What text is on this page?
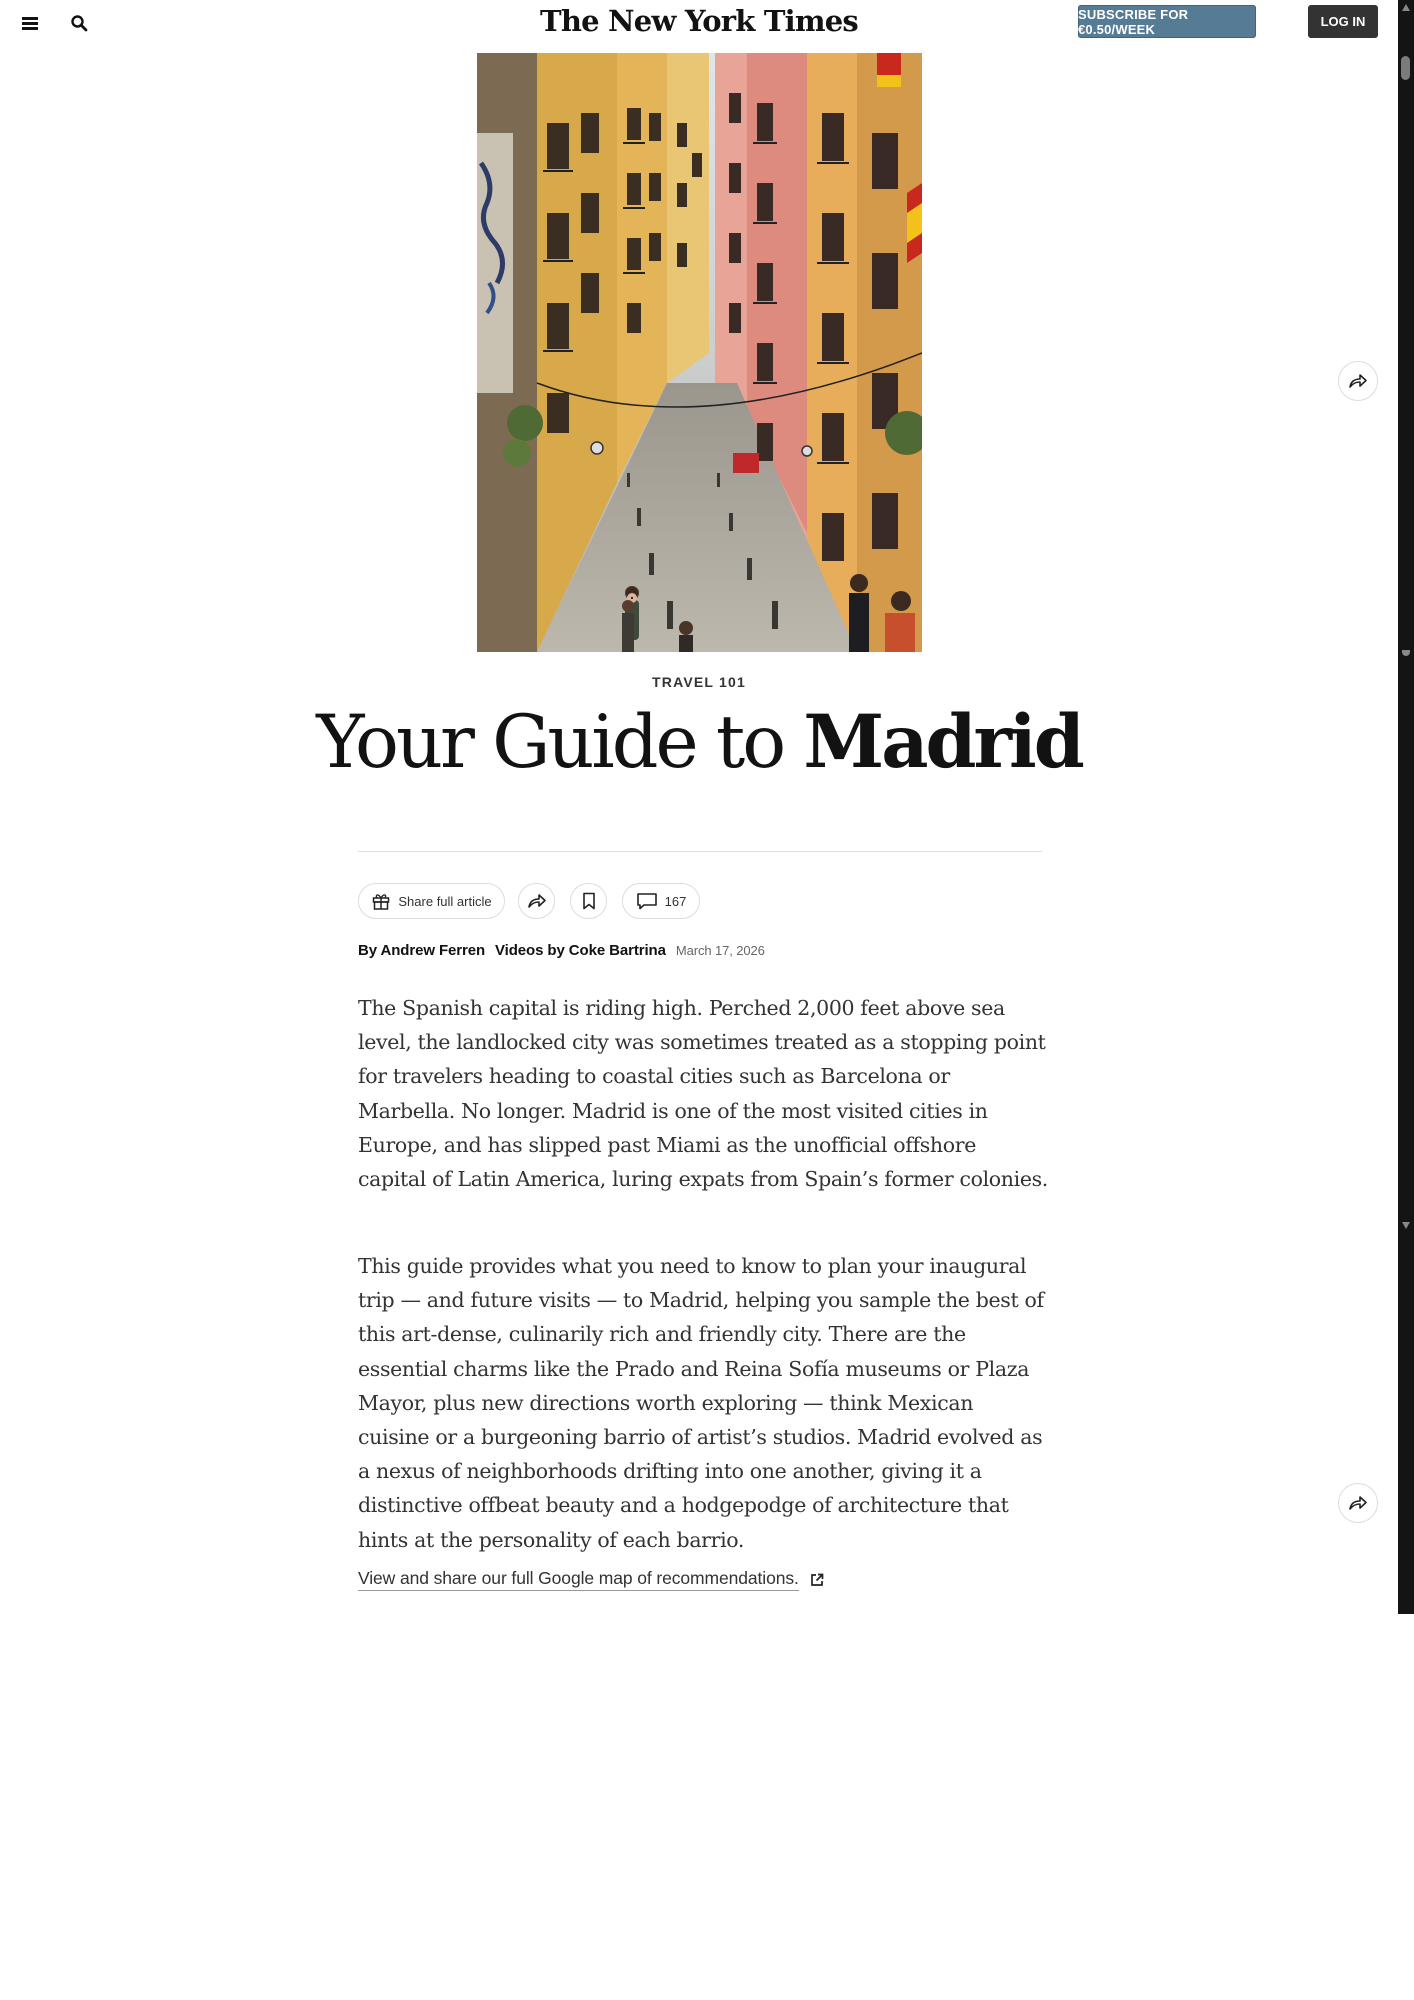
The New York Times	SUBSCRIBE FOR €0.50/WEEK	LOG IN
TRAVEL 101
Your Guide to Madrid
Share full article	167
By Andrew Ferren Videos by Coke Bartrina March 17, 2026

The Spanish capital is riding high. Perched 2,000 feet above sea level, the landlocked city was sometimes treated as a stopping point for travelers heading to coastal cities such as Barcelona or Marbella. No longer. Madrid is one of the most visited cities in Europe, and has slipped past Miami as the unofficial offshore capital of Latin America, luring expats from Spain’s former colonies.

This guide provides what you need to know to plan your inaugural trip — and future visits — to Madrid, helping you sample the best of this art-dense, culinarily rich and friendly city. There are the essential charms like the Prado and Reina Sofía museums or Plaza Mayor, plus new directions worth exploring — think Mexican cuisine or a burgeoning barrio of artist’s studios. Madrid evolved as a nexus of neighborhoods drifting into one another, giving it a distinctive offbeat beauty and a hodgepodge of architecture that hints at the personality of each barrio.

View and share our full Google map of recommendations.
